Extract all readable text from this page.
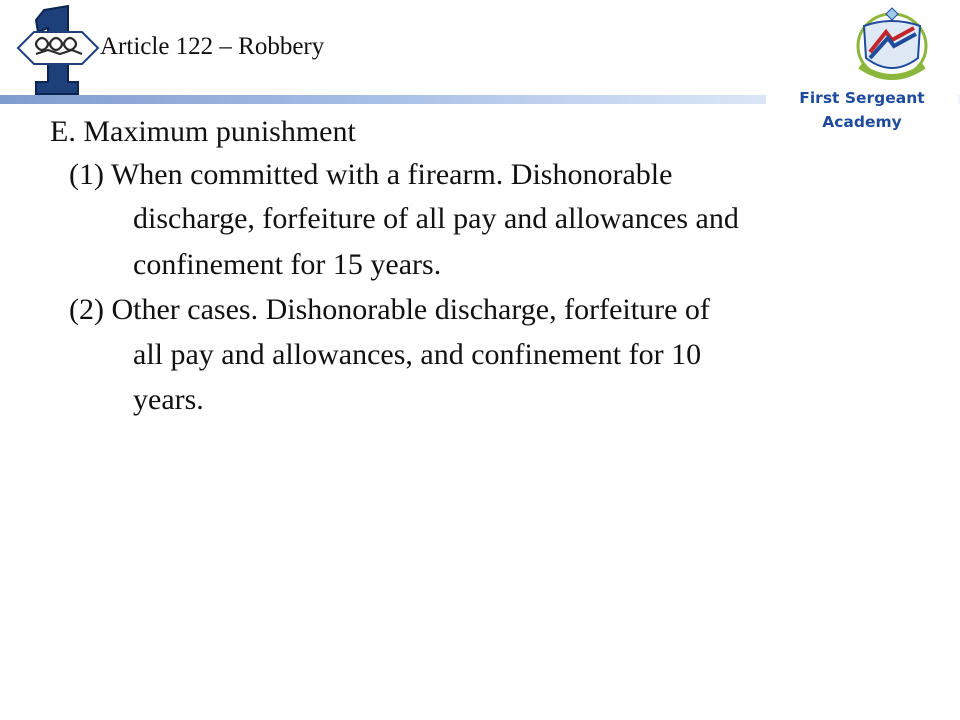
Article 122 – Robbery
First Sergeant Academy
E. Maximum punishment
(1) When committed with a firearm. Dishonorable
discharge, forfeiture of all pay and allowances and
confinement for 15 years.
(2) Other cases. Dishonorable discharge, forfeiture of
all pay and allowances, and confinement for 10
years.
